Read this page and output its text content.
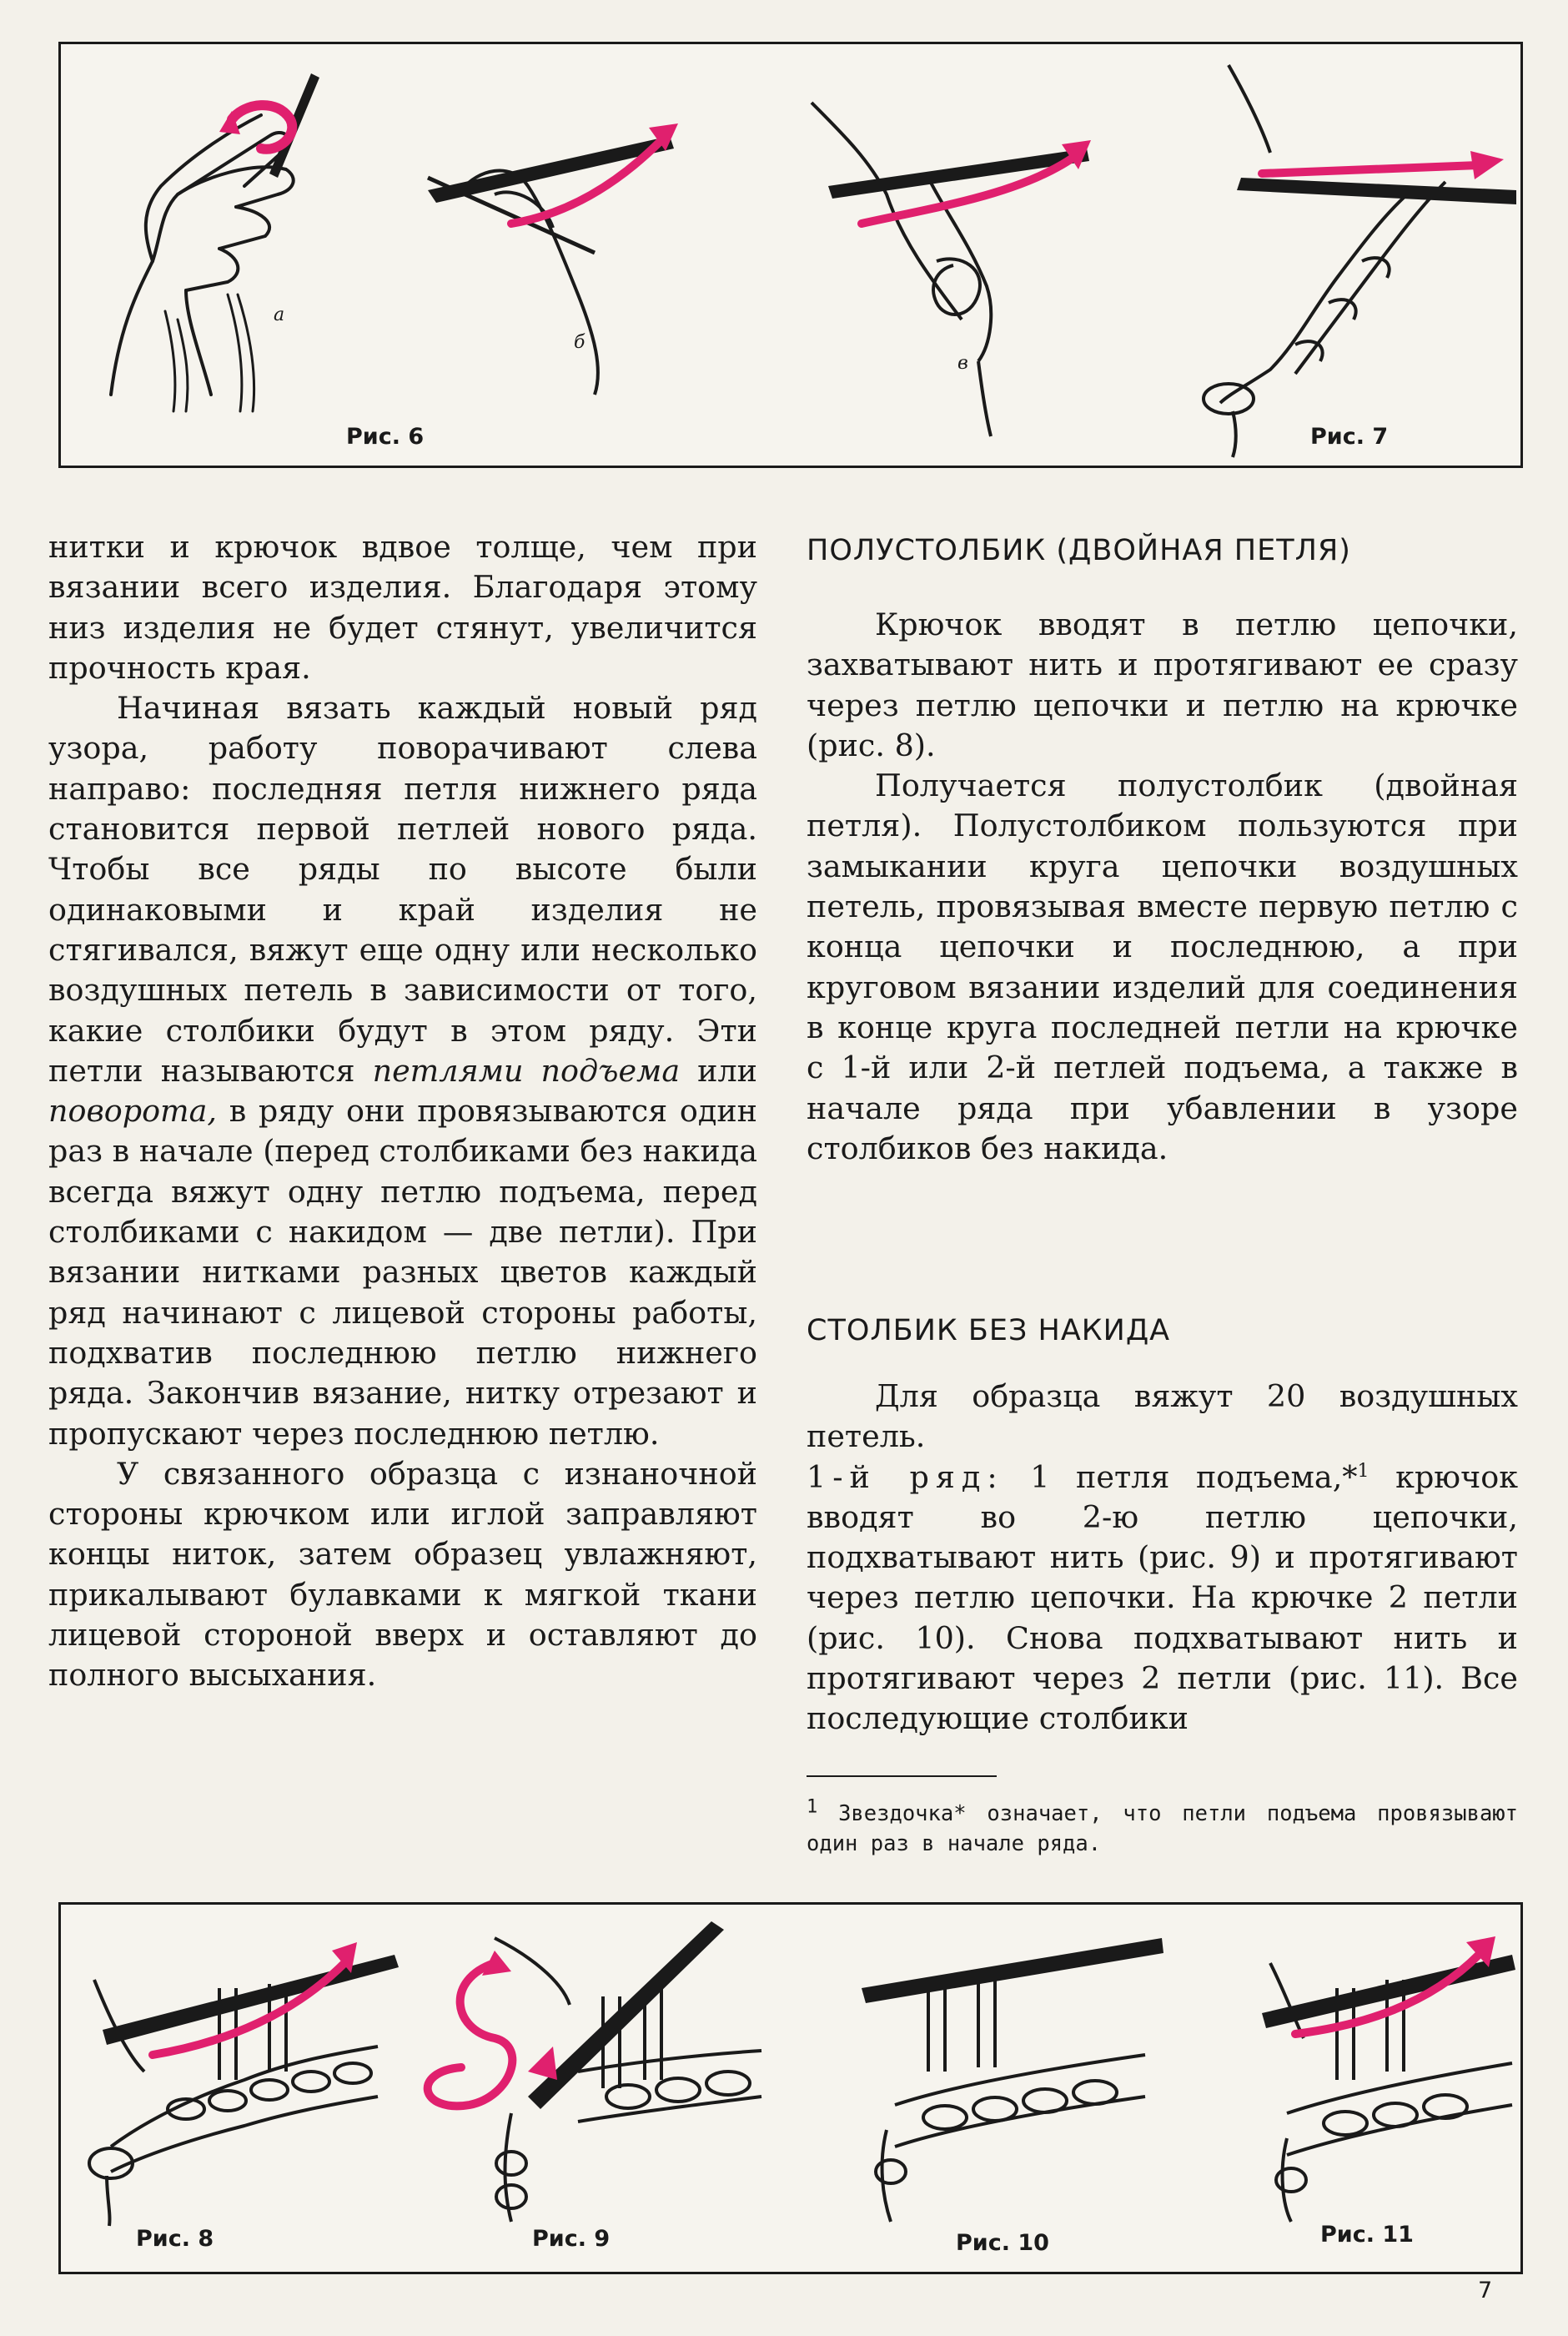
а
б
в
Рис. 6	Рис. 7

нитки и крючок вдвое толще, чем при вязании всего изделия. Благодаря этому низ изделия не будет стянут, увеличится прочность края.

Начиная вязать каждый новый ряд узора, работу поворачивают слева направо: последняя петля нижнего ряда становится первой петлей нового ряда. Чтобы все ряды по высоте были одинаковыми и край изделия не стягивался, вяжут еще одну или несколько воздушных петель в зависимости от того, какие столбики будут в этом ряду. Эти петли называются петлями подъема или поворота, в ряду они провязываются один раз в начале (перед столбиками без накида всегда вяжут одну петлю подъема, перед столбиками с накидом — две петли). При вязании нитками разных цветов каждый ряд начинают с лицевой стороны работы, подхватив последнюю петлю нижнего ряда. Закончив вязание, нитку отрезают и пропускают через последнюю петлю.

У связанного образца с изнаночной стороны крючком или иглой заправляют концы ниток, затем образец увлажняют, прикалывают булавками к мягкой ткани лицевой стороной вверх и оставляют до полного высыхания.

ПОЛУСТОЛБИК (ДВОЙНАЯ ПЕТЛЯ)

Крючок вводят в петлю цепочки, захватывают нить и протягивают ее сразу через петлю цепочки и петлю на крючке (рис. 8).

Получается полустолбик (двойная петля). Полустолбиком пользуются при замыкании круга цепочки воздушных петель, провязывая вместе первую петлю с конца цепочки и последнюю, а при круговом вязании изделий для соединения в конце круга последней петли на крючке с 1-й или 2-й петлей подъема, а также в начале ряда при убавлении в узоре столбиков без накида.

СТОЛБИК БЕЗ НАКИДА

Для образца вяжут 20 воздушных петель.

1-й ряд: 1 петля подъема,*$^1$ крючок вводят во 2-ю петлю цепочки, подхватывают нить (рис. 9) и протягивают через петлю цепочки. На крючке 2 петли (рис. 10). Снова подхватывают нить и протягивают через 2 петли (рис. 11). Все последующие столбики

$^1$ Звездочка* означает, что петли подъема провязывают один раз в начале ряда.
Рис. 8	Рис. 9	Рис. 10	Рис. 11
7
